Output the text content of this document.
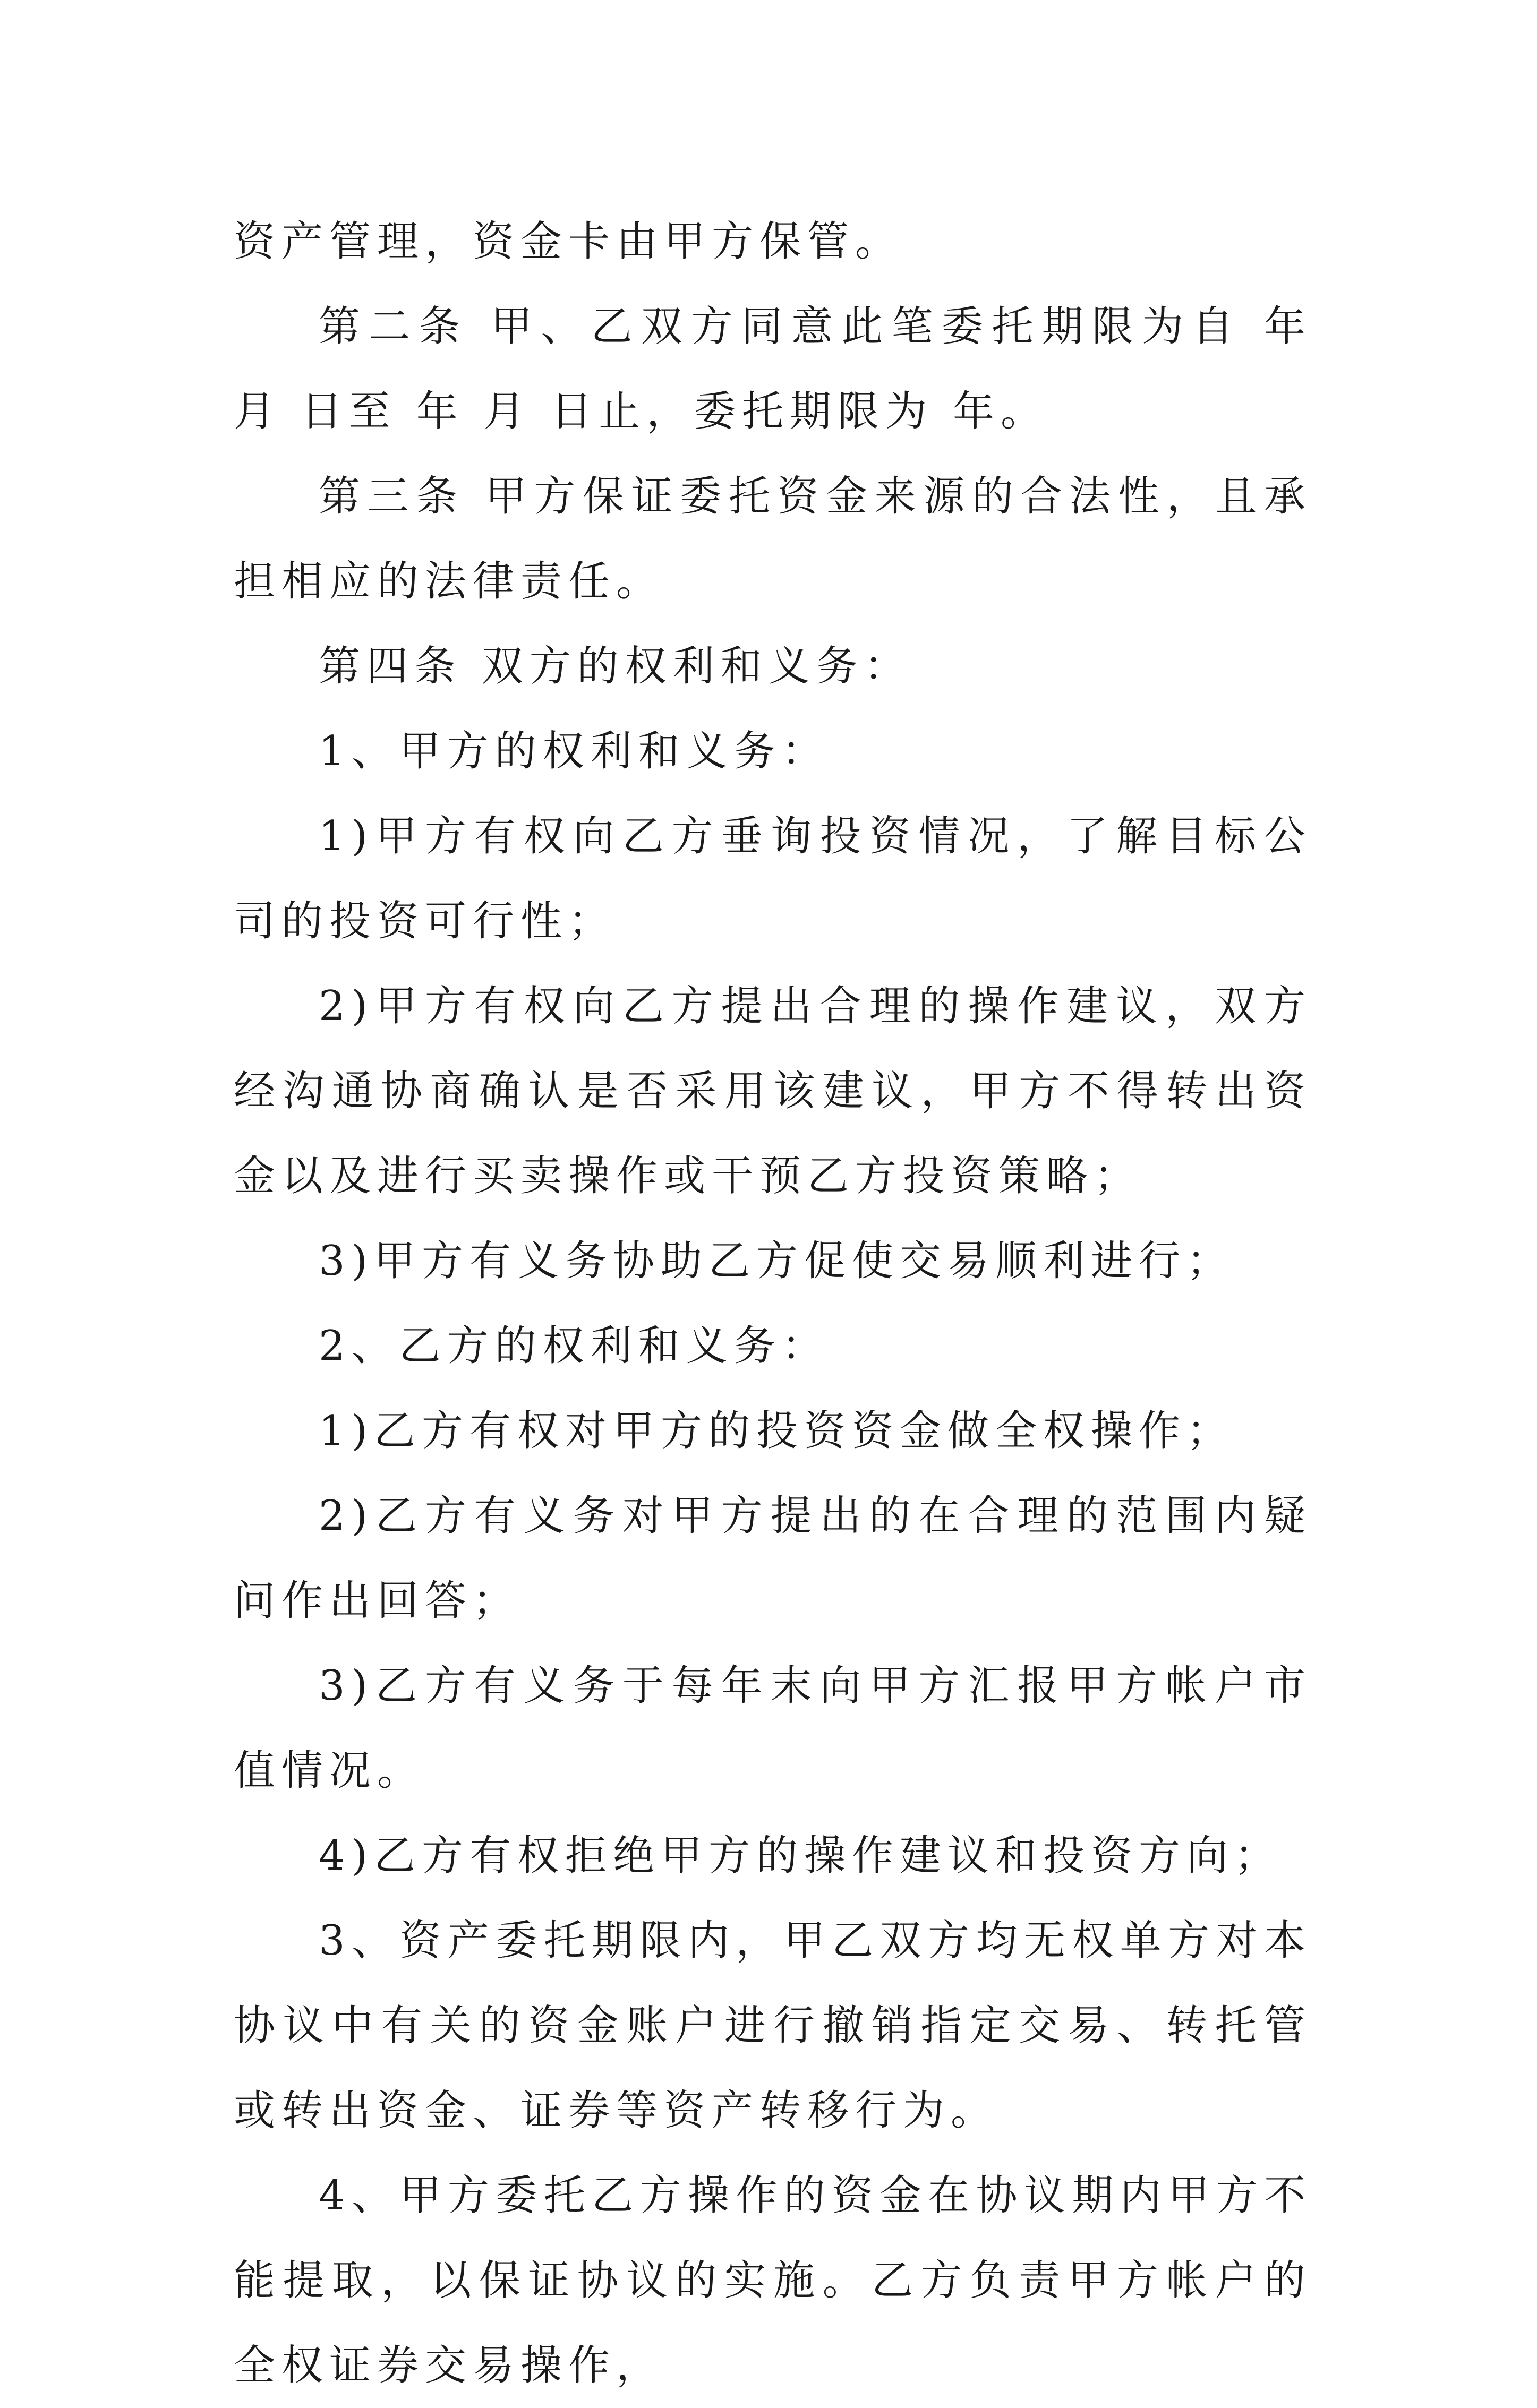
资产管理，资金卡由甲方保管。

第二条 甲、乙双方同意此笔委托期限为自 年 月 日至 年 月 日止，委托期限为 年。

第三条 甲方保证委托资金来源的合法性，且承担相应的法律责任。

第四条 双方的权利和义务：

1、甲方的权利和义务：

1)甲方有权向乙方垂询投资情况，了解目标公司的投资可行性；

2)甲方有权向乙方提出合理的操作建议，双方经沟通协商确认是否采用该建议，甲方不得转出资金以及进行买卖操作或干预乙方投资策略；

3)甲方有义务协助乙方促使交易顺利进行；

2、乙方的权利和义务：

1)乙方有权对甲方的投资资金做全权操作；

2)乙方有义务对甲方提出的在合理的范围内疑问作出回答；

3)乙方有义务于每年末向甲方汇报甲方帐户市值情况。

4)乙方有权拒绝甲方的操作建议和投资方向；

3、资产委托期限内，甲乙双方均无权单方对本协议中有关的资金账户进行撤销指定交易、转托管或转出资金、证券等资产转移行为。

4、甲方委托乙方操作的资金在协议期内甲方不能提取，以保证协议的实施。乙方负责甲方帐户的全权证券交易操作，
